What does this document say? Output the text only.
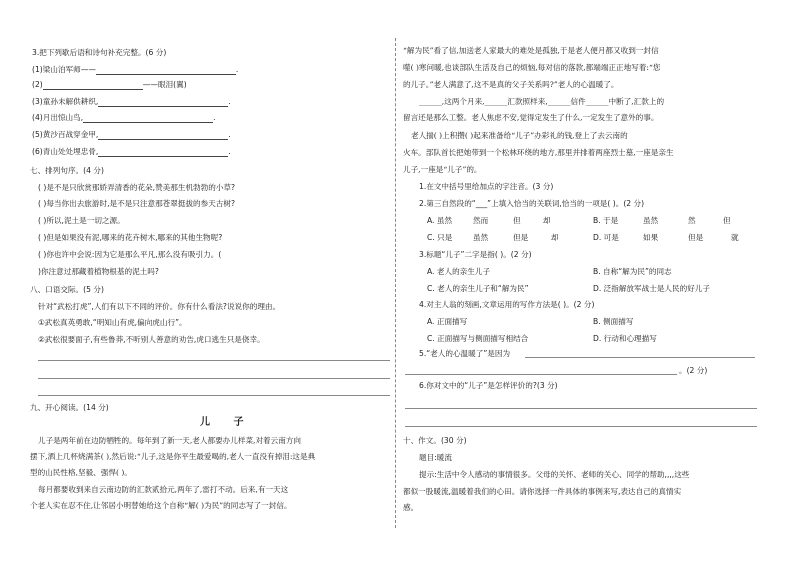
3.把下列歇后语和诗句补充完整。(6 分)
(1)梁山泊军师——	.
(2)	——眼泪(翼)
(3)童孙未解供耕织,	.
(4)月出惊山鸟,	.
(5)黄沙百战穿金甲,	.
(6)青山处处埋忠骨,	.
七、排列句序。(4 分)
( )是不是只欣赏那娇弄清香的花朵,赞美那生机勃勃的小草?
( )每当你出去旅游时,是不是只注意那苍翠挺拔的参天古树?
( )所以,泥土是一切之源。
( )但是如果没有泥,哪来的花卉树木,哪来的其他生物呢?
( )你也许中会说:因为它是那么平凡,那么没有吸引力。(
)你注意过那藏着植物根基的泥土吗?
八、口语交际。(5 分)
针对“武松打虎”,人们有以下不同的评价。你有什么看法?说说你的理由。
①武松真英勇敢,“明知山有虎,偏向虎山行”。
②武松很要面子,有些鲁莽,不听别人善意的劝告,虎口逃生只是侥幸。
九、开心阅读。(14 分)
儿 子
儿子是两年前在边防牺牲的。每年到了新一天,老人都要办儿样菜,对着云南方向
摆下,洒上几杯烧满茶( ),然后说:“儿子,这是你平生最爱喝的,老人一直没有掉泪:这是典
型的山民性格,坚毅、强悍( )。
每月都要收到来自云南边防的汇款贰拾元,两年了,雷打不动。后来,有一天这
个老人实在忍不住,让邻居小明替她给这个自称“解( )为民”的同志写了一封信。
“解为民”看了信,加送老人家最大的难处是孤独,于是老人便月都又收到一封信
噬( )寒问暖,也谈部队生活及自己的烦恼,每对信的落款,都端端正正地写着:“您
的儿子。”老人满意了,这不是真的父子关系吗?”老人的心温暖了。
______,这两个月来,______汇款照样来,______信件______中断了,汇款上的
留言还是那么工整。老人焦虑不安,觉得定发生了什么,一定发生了意外的事。
老人揣( )上积攒( )起来准备给“儿子”办彩礼的钱,登上了去云南的
火车。部队首长把她带到一个松林环绕的地方,那里并排着两座烈士墓,一座是亲生
儿子,一座是“儿子”的。
1.在文中括号里给加点的字注音。(3 分)
2.第三自然段的“___”上填入恰当的关联词,恰当的一项是( )。(2 分)
A. 虽然	然而	但	却	B. 于是	虽然	然	但
C. 只是	虽然	但是	却	D. 可是	如果	但是	就
3.标题“儿子”二字是指( )。(2 分)
A. 老人的亲生儿子	B. 自称“解为民”的同志
C. 老人的亲生儿子和“解为民”	D. 泛指解放军战士是人民的好儿子
4.对主人翁的刻画,文章运用的写作方法是( )。(2 分)
A. 正面描写	B. 侧面描写
C. 正面描写与侧面描写相结合	D. 行动和心理描写
5.“老人的心温暖了”是因为
。(2 分)
6.你对文中的“儿子”是怎样评价的?(3 分)
十、作文。(30 分)
题目:暖流
提示:生活中令人感动的事情很多。父母的关怀、老师的关心、同学的帮助,,,,这些
都似一股暖流,温暖着我们的心田。请你选择一件具体的事例来写,表达自己的真情实
感。
